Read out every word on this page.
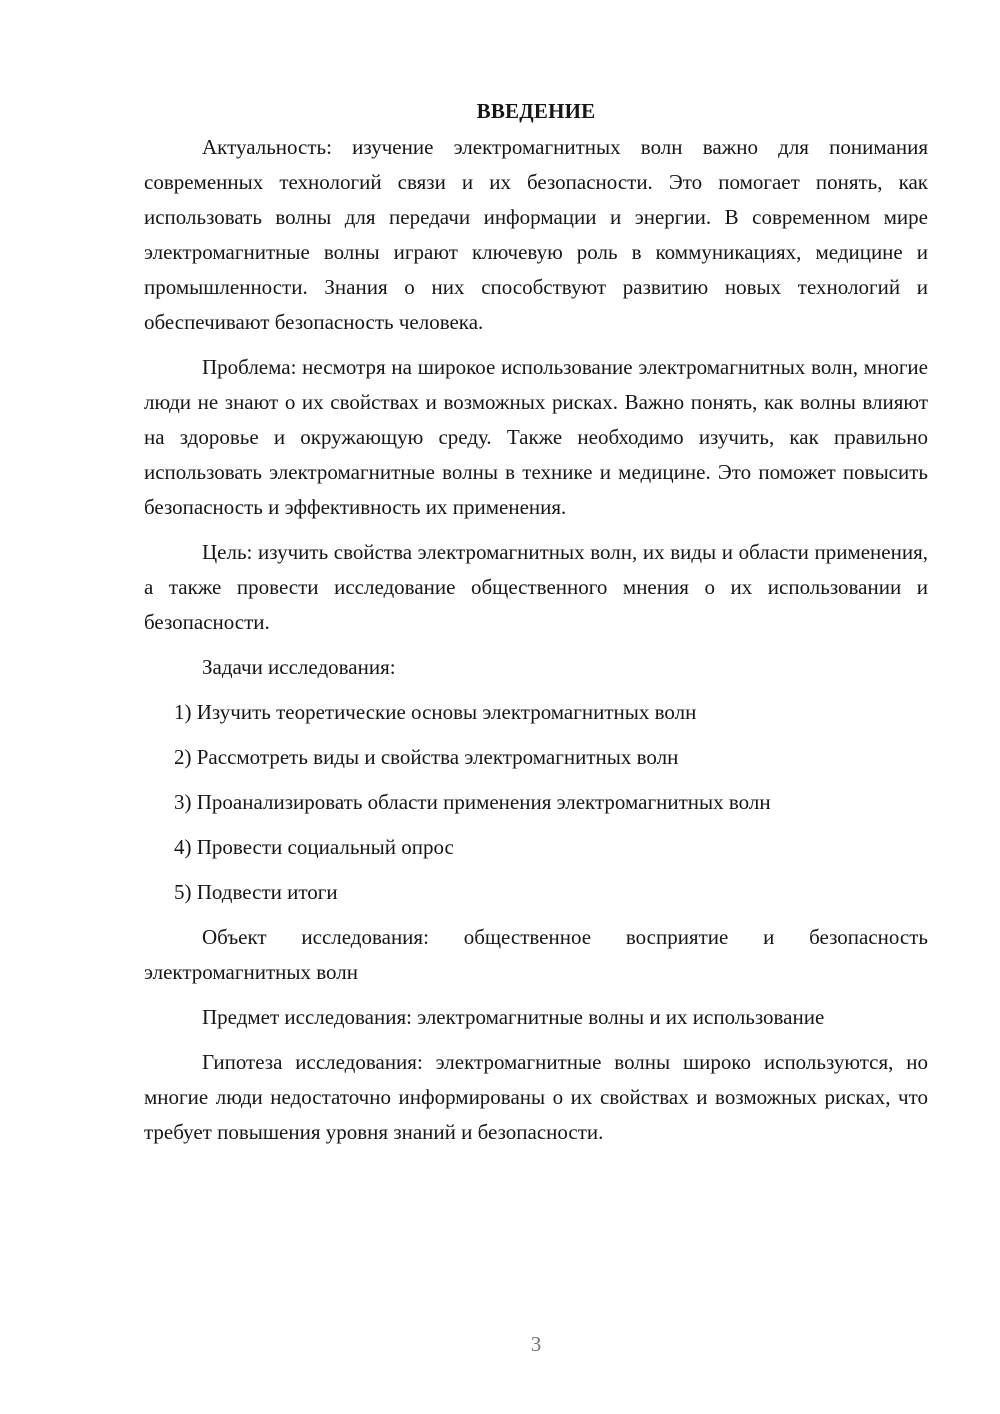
ВВЕДЕНИЕ

Актуальность: изучение электромагнитных волн важно для понимания современных технологий связи и их безопасности. Это помогает понять, как использовать волны для передачи информации и энергии. В современном мире электромагнитные волны играют ключевую роль в коммуникациях, медицине и промышленности. Знания о них способствуют развитию новых технологий и обеспечивают безопасность человека.

Проблема: несмотря на широкое использование электромагнитных волн, многие люди не знают о их свойствах и возможных рисках. Важно понять, как волны влияют на здоровье и окружающую среду. Также необходимо изучить, как правильно использовать электромагнитные волны в технике и медицине. Это поможет повысить безопасность и эффективность их применения.

Цель: изучить свойства электромагнитных волн, их виды и области применения, а также провести исследование общественного мнения о их использовании и безопасности.

Задачи исследования:
1) Изучить теоретические основы электромагнитных волн
2) Рассмотреть виды и свойства электромагнитных волн
3) Проанализировать области применения электромагнитных волн
4) Провести социальный опрос
5) Подвести итоги

Объект исследования: общественное восприятие и безопасность электромагнитных волн

Предмет исследования: электромагнитные волны и их использование

Гипотеза исследования: электромагнитные волны широко используются, но многие люди недостаточно информированы о их свойствах и возможных рисках, что требует повышения уровня знаний и безопасности.

3
